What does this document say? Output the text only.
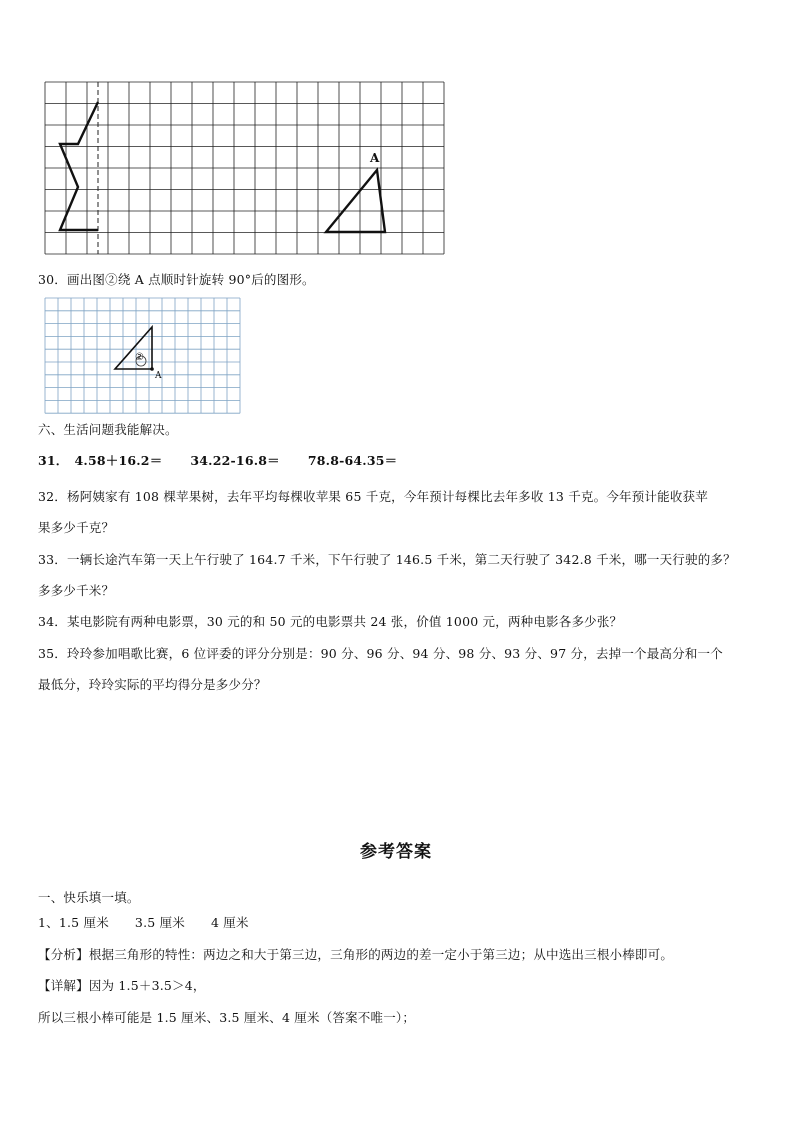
A
30．画出图②绕 A 点顺时针旋转 90°后的图形。
②
A
六、生活问题我能解决。
31． 4.58＋16.2＝ 34.22-16.8＝ 78.8-64.35＝
32．杨阿姨家有 108 棵苹果树，去年平均每棵收苹果 65 千克，今年预计每棵比去年多收 13 千克。今年预计能收获苹
果多少千克？
33．一辆长途汽车第一天上午行驶了 164.7 千米，下午行驶了 146.5 千米，第二天行驶了 342.8 千米，哪一天行驶的多？
多多少千米？
34．某电影院有两种电影票，30 元的和 50 元的电影票共 24 张，价值 1000 元，两种电影各多少张？
35．玲玲参加唱歌比赛，6 位评委的评分分别是：90 分、96 分、94 分、98 分、93 分、97 分，去掉一个最高分和一个
最低分，玲玲实际的平均得分是多少分？
参考答案
一、快乐填一填。
1、1.5 厘米 3.5 厘米 4 厘米
【分析】根据三角形的特性：两边之和大于第三边，三角形的两边的差一定小于第三边；从中选出三根小棒即可。
【详解】因为 1.5＋3.5＞4，
所以三根小棒可能是 1.5 厘米、3.5 厘米、4 厘米（答案不唯一）；
